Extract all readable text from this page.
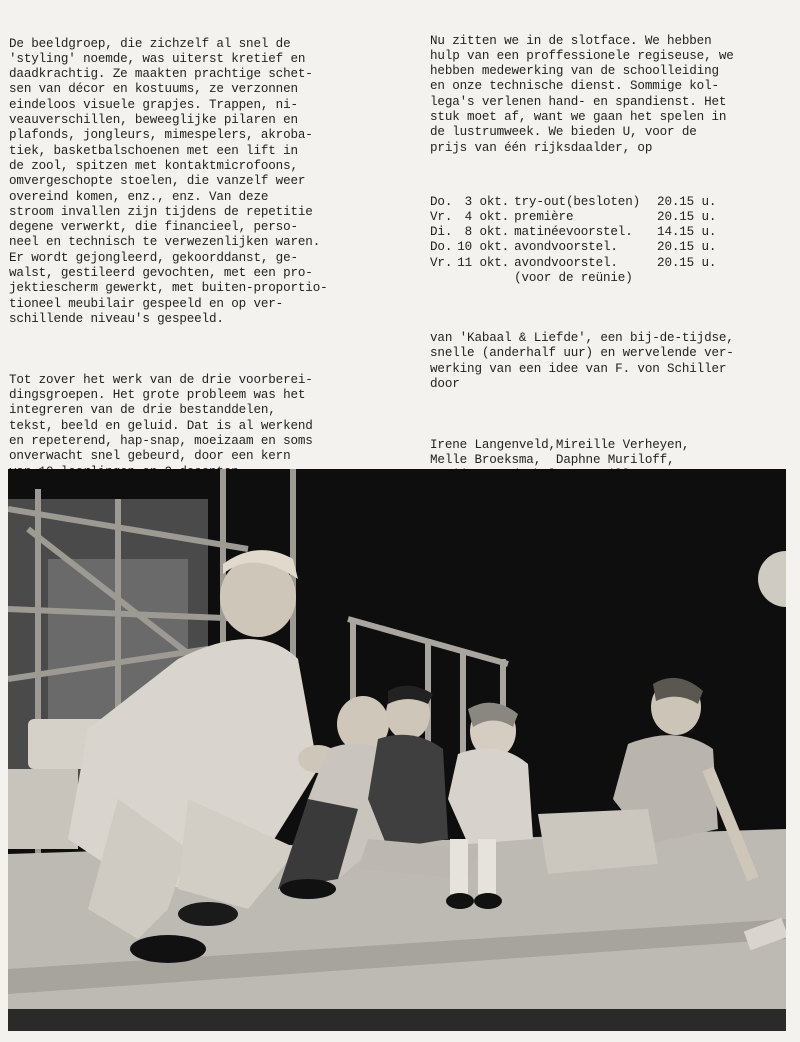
De beeldgroep, die zichzelf al snel de
'styling' noemde, was uiterst kretief en
daadkrachtig. Ze maakten prachtige schet-
sen van décor en kostuums, ze verzonnen
eindeloos visuele grapjes. Trappen, ni-
veauverschillen, beweeglijke pilaren en
plafonds, jongleurs, mimespelers, akroba-
tiek, basketbalschoenen met een lift in
de zool, spitzen met kontaktmicrofoons,
omvergeschopte stoelen, die vanzelf weer
overeind komen, enz., enz. Van deze
stroom invallen zijn tijdens de repetitie
degene verwerkt, die financieel, perso-
neel en technisch te verwezenlijken waren.
Er wordt gejongleerd, gekoorddanst, ge-
walst, gestileerd gevochten, met een pro-
jektiescherm gewerkt, met buiten-proportio-
tioneel meubilair gespeeld en op ver-
schillende niveau's gespeeld.

Tot zover het werk van de drie voorberei-
dingsgroepen. Het grote probleem was het
integreren van de drie bestanddelen,
tekst, beeld en geluid. Dat is al werkend
en repeterend, hap-snap, moeizaam en soms
onverwacht snel gebeurd, door een kern

Nu zitten we in de slotface. We hebben
hulp van een proffessionele regiseuse, we
hebben medewerking van de schoolleiding
en onze technische dienst. Sommige kol-
lega's verlenen hand- en spandienst. Het
stuk moet af, want we gaan het spelen in
de lustrumweek. We bieden U, voor de
prijs van één rijksdaalder, op

Do.	3 okt.	try-out(besloten)	20.15 u.
Vr.	4 okt.	première	20.15 u.
Di.	8 okt.	matinéevoorstel.	14.15 u.
Do.	10 okt.	avondvoorstel.	20.15 u.
Vr.	11 okt.	avondvoorstel.	20.15 u.
		(voor de reünie)	

van 'Kabaal & Liefde', een bij-de-tijdse,
snelle (anderhalf uur) en wervelende ver-
werking van een idee van F. von Schiller
door

Irene Langenveld,Mireille Verheyen,
Melle Broeksma,  Daphne Muriloff,
